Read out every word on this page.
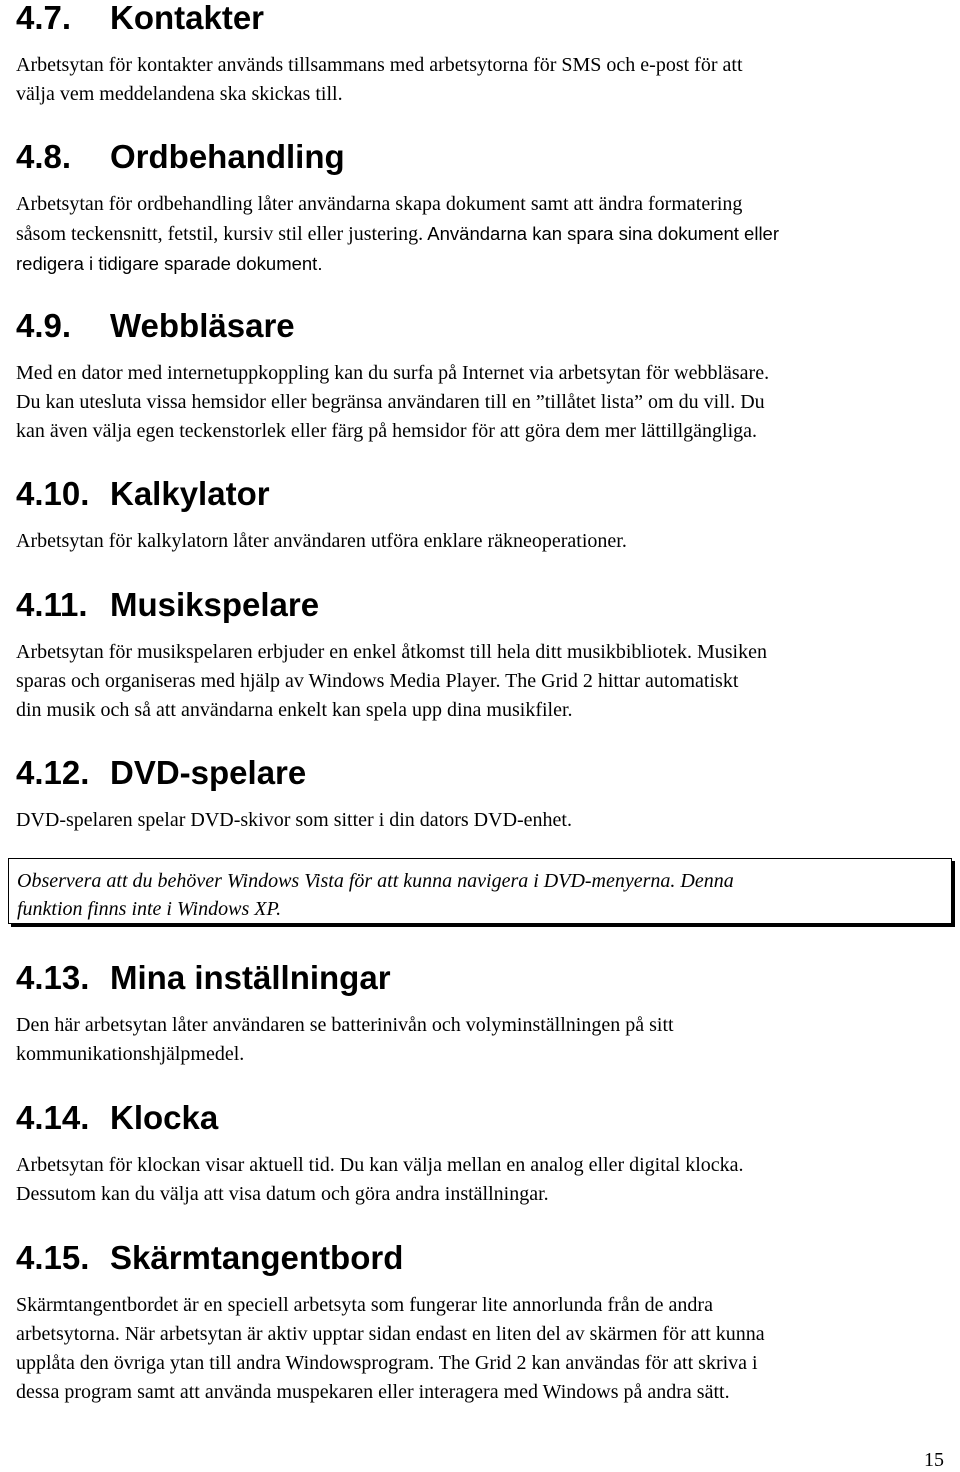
4.7. Kontakter
Arbetsytan för kontakter används tillsammans med arbetsytorna för SMS och e-post för att
välja vem meddelandena ska skickas till.
4.8. Ordbehandling
Arbetsytan för ordbehandling låter användarna skapa dokument samt att ändra formatering
såsom teckensnitt, fetstil, kursiv stil eller justering. Användarna kan spara sina dokument eller
redigera i tidigare sparade dokument.
4.9. Webbläsare
Med en dator med internetuppkoppling kan du surfa på Internet via arbetsytan för webbläsare.
Du kan utesluta vissa hemsidor eller begränsa användaren till en ”tillåtet lista” om du vill. Du
kan även välja egen teckenstorlek eller färg på hemsidor för att göra dem mer lättillgängliga.
4.10. Kalkylator
Arbetsytan för kalkylatorn låter användaren utföra enklare räkneoperationer.
4.11. Musikspelare
Arbetsytan för musikspelaren erbjuder en enkel åtkomst till hela ditt musikbibliotek. Musiken
sparas och organiseras med hjälp av Windows Media Player. The Grid 2 hittar automatiskt
din musik och så att användarna enkelt kan spela upp dina musikfiler.
4.12. DVD-spelare
DVD-spelaren spelar DVD-skivor som sitter i din dators DVD-enhet.
Observera att du behöver Windows Vista för att kunna navigera i DVD-menyerna. Denna
funktion finns inte i Windows XP.
4.13. Mina inställningar
Den här arbetsytan låter användaren se batterinivån och volyminställningen på sitt
kommunikationshjälpmedel.
4.14. Klocka
Arbetsytan för klockan visar aktuell tid. Du kan välja mellan en analog eller digital klocka.
Dessutom kan du välja att visa datum och göra andra inställningar.
4.15. Skärmtangentbord
Skärmtangentbordet är en speciell arbetsyta som fungerar lite annorlunda från de andra
arbetsytorna. När arbetsytan är aktiv upptar sidan endast en liten del av skärmen för att kunna
upplåta den övriga ytan till andra Windowsprogram. The Grid 2 kan användas för att skriva i
dessa program samt att använda muspekaren eller interagera med Windows på andra sätt.
15
